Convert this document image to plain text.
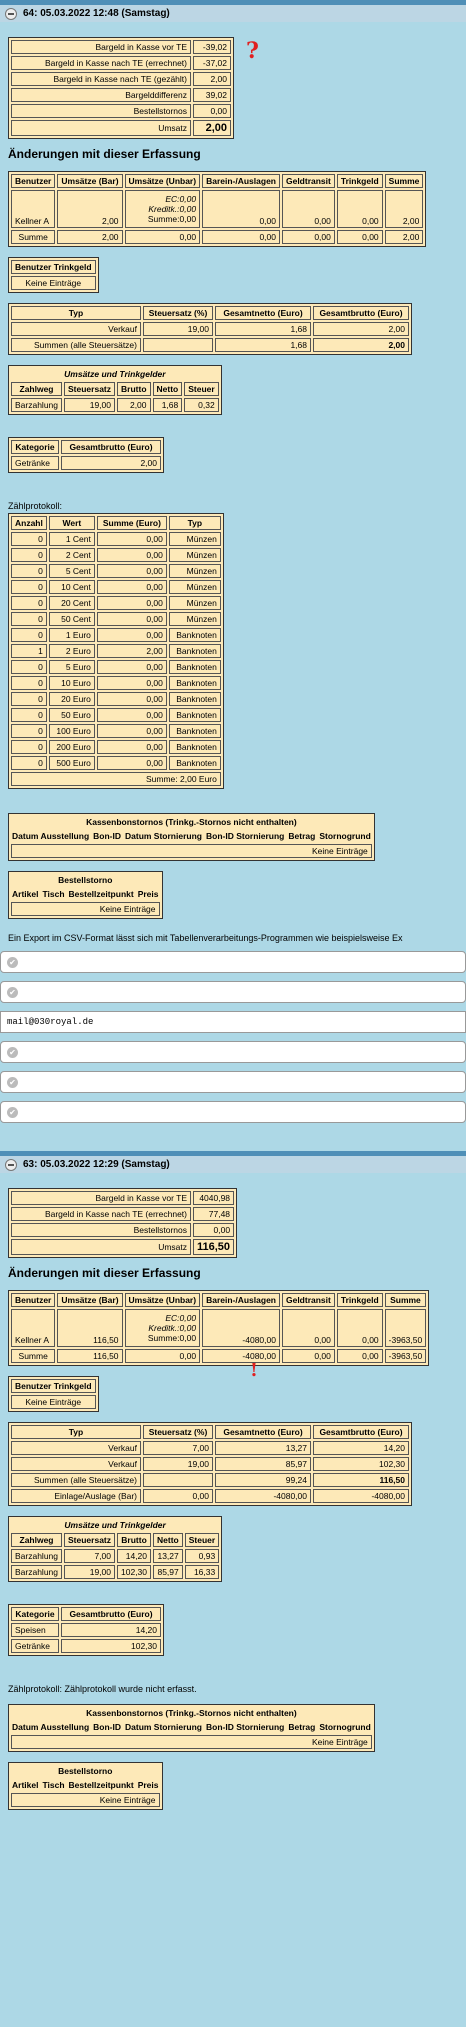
64: 05.03.2022 12:48 (Samstag)
Bargeld in Kasse vor TE	-39,02
Bargeld in Kasse nach TE (errechnet)	-37,02
Bargeld in Kasse nach TE (gezählt)	2,00
Bargelddifferenz	39,02
Bestellstornos	0,00
Umsatz	2,00
Änderungen mit dieser Erfassung
Benutzer	Umsätze (Bar)	Umsätze (Unbar)	Barein-/Auslagen	Geldtransit	Trinkgeld	Summe
Kellner A	2,00	EC:0,00
Kreditk.:0,00
Summe:0,00	0,00	0,00	0,00	2,00
Summe	2,00	0,00	0,00	0,00	0,00	2,00
Benutzer Trinkgeld
Keine Einträge
Typ	Steuersatz (%)	Gesamtnetto (Euro)	Gesamtbrutto (Euro)
Verkauf	19,00	1,68	2,00
Summen (alle Steuersätze)		1,68	2,00
Umsätze und Trinkgelder				
Zahlweg	Steuersatz	Brutto	Netto	Steuer
Barzahlung	19,00	2,00	1,68	0,32
Kategorie	Gesamtbrutto (Euro)
Getränke	2,00
Zählprotokoll:
Anzahl	Wert	Summe (Euro)	Typ
0	1 Cent	0,00	Münzen
0	2 Cent	0,00	Münzen
0	5 Cent	0,00	Münzen
0	10 Cent	0,00	Münzen
0	20 Cent	0,00	Münzen
0	50 Cent	0,00	Münzen
0	1 Euro	0,00	Banknoten
1	2 Euro	2,00	Banknoten
0	5 Euro	0,00	Banknoten
0	10 Euro	0,00	Banknoten
0	20 Euro	0,00	Banknoten
0	50 Euro	0,00	Banknoten
0	100 Euro	0,00	Banknoten
0	200 Euro	0,00	Banknoten
0	500 Euro	0,00	Banknoten
Summe: 2,00 Euro			
Kassenbonstornos (Trinkg.-Stornos nicht enthalten)
Datum Ausstellung	Bon-ID	Datum Stornierung	Bon-ID Stornierung	Betrag	Stornogrund
Keine Einträge
Bestellstorno
Artikel	Tisch	Bestellzeitpunkt	Preis
Keine Einträge
Ein Export im CSV-Format lässt sich mit Tabellenverarbeitungs-Programmen wie beispielsweise Ex
✔
✔
mail@030royal.de
✔
✔
✔
63: 05.03.2022 12:29 (Samstag)
Bargeld in Kasse vor TE	4040,98
Bargeld in Kasse nach TE (errechnet)	77,48
Bestellstornos	0,00
Umsatz	116,50
Änderungen mit dieser Erfassung
Benutzer	Umsätze (Bar)	Umsätze (Unbar)	Barein-/Auslagen	Geldtransit	Trinkgeld	Summe
Kellner A	116,50	EC:0,00
Kreditk.:0,00
Summe:0,00	-4080,00	0,00	0,00	-3963,50
Summe	116,50	0,00	-4080,00	0,00	0,00	-3963,50
Benutzer Trinkgeld
Keine Einträge
Typ	Steuersatz (%)	Gesamtnetto (Euro)	Gesamtbrutto (Euro)
Verkauf	7,00	13,27	14,20
Verkauf	19,00	85,97	102,30
Summen (alle Steuersätze)		99,24	116,50
Einlage/Auslage (Bar)	0,00	-4080,00	-4080,00
Umsätze und Trinkgelder				
Zahlweg	Steuersatz	Brutto	Netto	Steuer
Barzahlung	7,00	14,20	13,27	0,93
Barzahlung	19,00	102,30	85,97	16,33
Kategorie	Gesamtbrutto (Euro)
Speisen	14,20
Getränke	102,30
Zählprotokoll: Zählprotokoll wurde nicht erfasst.
Kassenbonstornos (Trinkg.-Stornos nicht enthalten)
Datum Ausstellung	Bon-ID	Datum Stornierung	Bon-ID Stornierung	Betrag	Stornogrund
Keine Einträge
Bestellstorno
Artikel	Tisch	Bestellzeitpunkt	Preis
Keine Einträge
?
!
